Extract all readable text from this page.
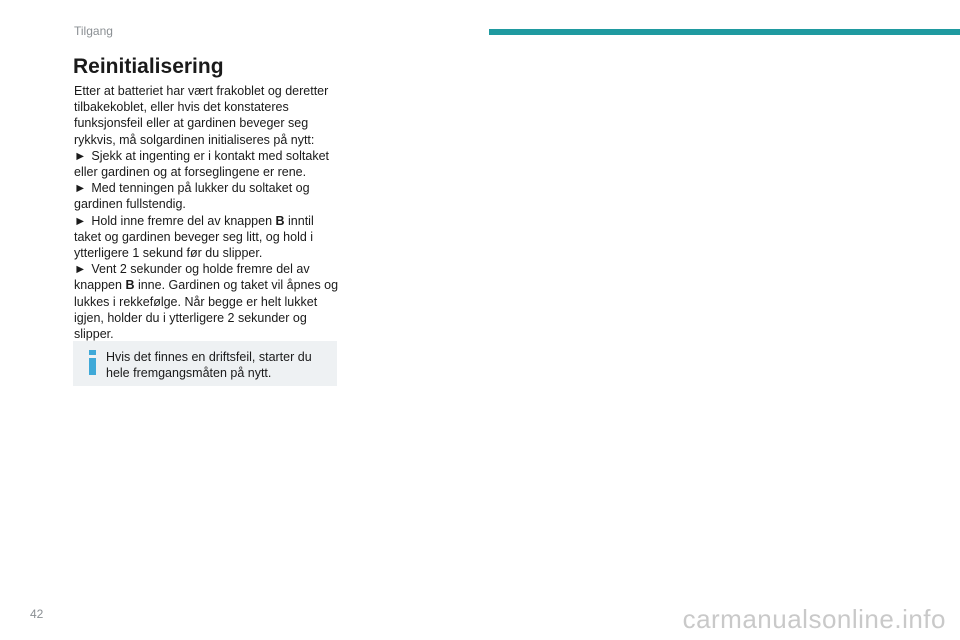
Tilgang
Reinitialisering

Etter at batteriet har vært frakoblet og deretter tilbakekoblet, eller hvis det konstateres funksjonsfeil eller at gardinen beveger seg rykkvis, må solgardinen initialiseres på nytt:

► Sjekk at ingenting er i kontakt med soltaket eller gardinen og at forseglingene er rene.

► Med tenningen på lukker du soltaket og gardinen fullstendig.

► Hold inne fremre del av knappen B inntil taket og gardinen beveger seg litt, og hold i ytterligere 1 sekund før du slipper.

► Vent 2 sekunder og holde fremre del av knappen B inne. Gardinen og taket vil åpnes og lukkes i rekkefølge. Når begge er helt lukket igjen, holder du i ytterligere 2 sekunder og slipper.

Hvis det finnes en driftsfeil, starter du hele fremgangsmåten på nytt.
42	carmanualsonline.info
